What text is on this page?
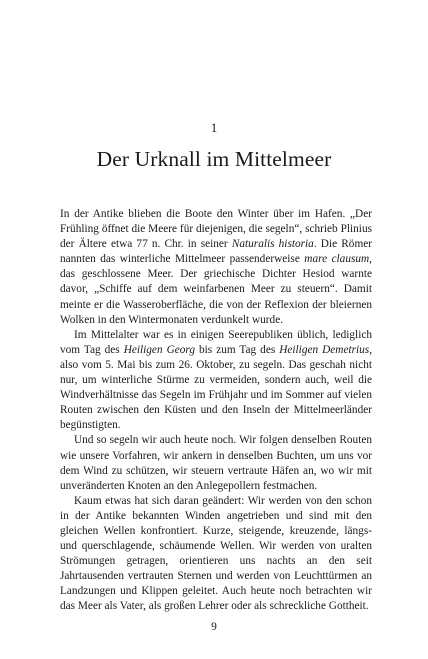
1
Der Urknall im Mittelmeer

In der Antike blieben die Boote den Winter über im Hafen. „Der Frühling öffnet die Meere für diejenigen, die segeln“, schrieb Plinius der Ältere etwa 77 n. Chr. in seiner Naturalis historia. Die Römer nannten das winterliche Mittelmeer passenderweise mare clausum, das geschlossene Meer. Der griechische Dichter Hesiod warnte davor, „Schiffe auf dem weinfarbenen Meer zu steuern“. Damit meinte er die Wasseroberfläche, die von der Reflexion der bleiernen Wolken in den Wintermonaten verdunkelt wurde.

Im Mittelalter war es in einigen Seerepubliken üblich, lediglich vom Tag des Heiligen Georg bis zum Tag des Heiligen Demetrius, also vom 5. Mai bis zum 26. Oktober, zu segeln. Das geschah nicht nur, um winterliche Stürme zu vermeiden, sondern auch, weil die Windverhältnisse das Segeln im Frühjahr und im Sommer auf vielen Routen zwischen den Küsten und den Inseln der Mittelmeerländer begünstigten.

Und so segeln wir auch heute noch. Wir folgen denselben Routen wie unsere Vorfahren, wir ankern in denselben Buchten, um uns vor dem Wind zu schützen, wir steuern vertraute Häfen an, wo wir mit unveränderten Knoten an den Anlegepollern festmachen.

Kaum etwas hat sich daran geändert: Wir werden von den schon in der Antike bekannten Winden angetrieben und sind mit den gleichen Wellen konfrontiert. Kurze, steigende, kreuzende, längs- und querschlagende, schäumende Wellen. Wir werden von uralten Strömungen getragen, orientieren uns nachts an den seit Jahrtausenden vertrauten Sternen und werden von Leuchttürmen an Landzungen und Klippen geleitet. Auch heute noch betrachten wir das Meer als Vater, als großen Lehrer oder als schreckliche Gottheit.

9
